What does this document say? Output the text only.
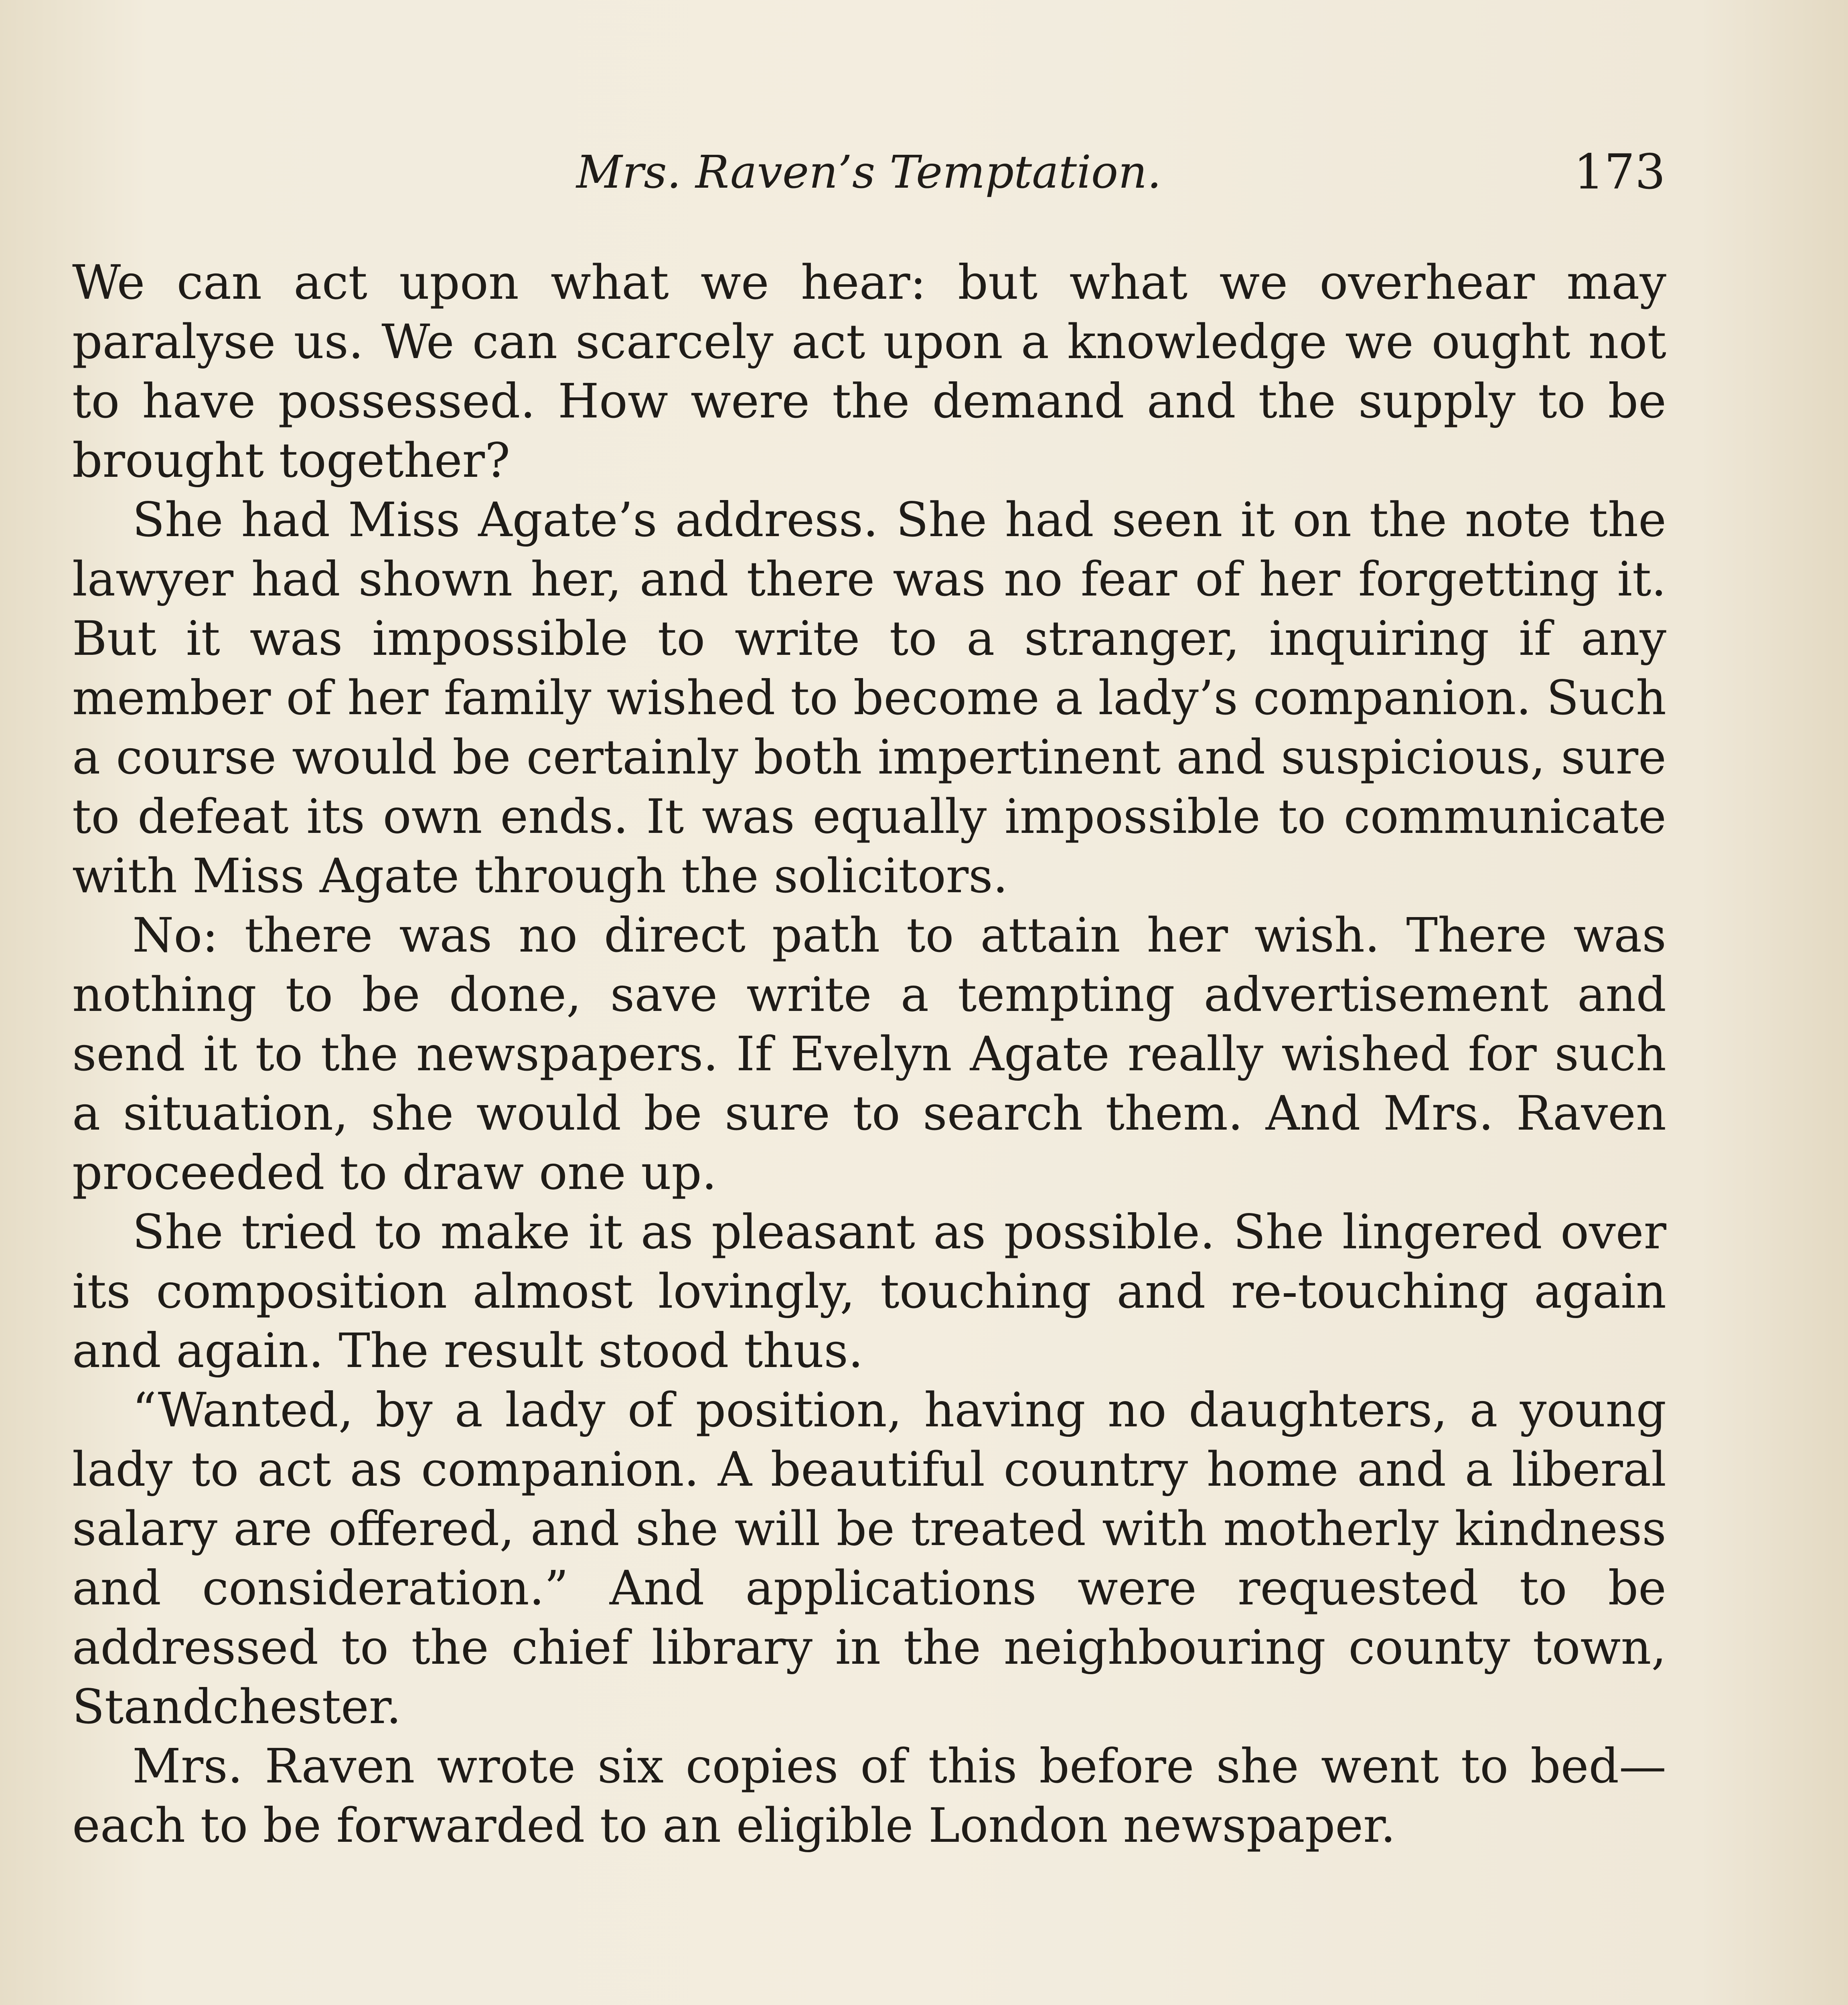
Mrs. Raven’s Temptation.	173

We can act upon what we hear: but what we overhear may paralyse us. We can scarcely act upon a knowledge we ought not to have possessed. How were the demand and the supply to be brought together?

She had Miss Agate’s address. She had seen it on the note the lawyer had shown her, and there was no fear of her forgetting it. But it was impossible to write to a stranger, inquiring if any member of her family wished to become a lady’s companion. Such a course would be certainly both impertinent and suspicious, sure to defeat its own ends. It was equally impossible to communicate with Miss Agate through the solicitors.

No: there was no direct path to attain her wish. There was nothing to be done, save write a tempting advertisement and send it to the newspapers. If Evelyn Agate really wished for such a situation, she would be sure to search them. And Mrs. Raven proceeded to draw one up.

She tried to make it as pleasant as possible. She lingered over its composition almost lovingly, touching and re-touching again and again. The result stood thus.

“Wanted, by a lady of position, having no daughters, a young lady to act as companion. A beautiful country home and a liberal salary are offered, and she will be treated with motherly kindness and consideration.” And applications were requested to be addressed to the chief library in the neighbouring county town, Standchester.

Mrs. Raven wrote six copies of this before she went to bed— each to be forwarded to an eligible London newspaper.
